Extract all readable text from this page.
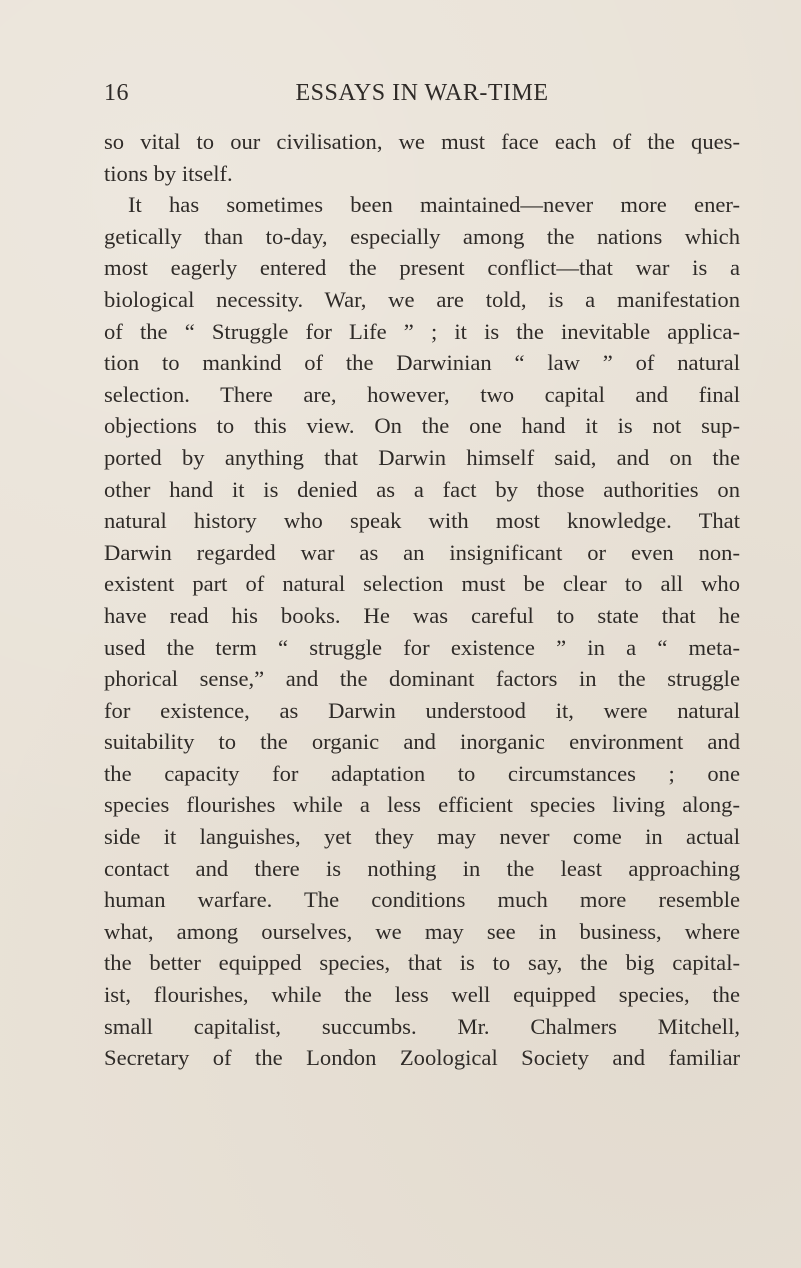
16	ESSAYS IN WAR-TIME
so vital to our civilisation, we must face each of the ques-
tions by itself.
It has sometimes been maintained—never more ener-
getically than to-day, especially among the nations which
most eagerly entered the present conflict—that war is a
biological necessity. War, we are told, is a manifestation
of the “ Struggle for Life ” ; it is the inevitable applica-
tion to mankind of the Darwinian “ law ” of natural
selection. There are, however, two capital and final
objections to this view. On the one hand it is not sup-
ported by anything that Darwin himself said, and on the
other hand it is denied as a fact by those authorities on
natural history who speak with most knowledge. That
Darwin regarded war as an insignificant or even non-
existent part of natural selection must be clear to all who
have read his books. He was careful to state that he
used the term “ struggle for existence ” in a “ meta-
phorical sense,” and the dominant factors in the struggle
for existence, as Darwin understood it, were natural
suitability to the organic and inorganic environment and
the capacity for adaptation to circumstances ; one
species flourishes while a less efficient species living along-
side it languishes, yet they may never come in actual
contact and there is nothing in the least approaching
human warfare. The conditions much more resemble
what, among ourselves, we may see in business, where
the better equipped species, that is to say, the big capital-
ist, flourishes, while the less well equipped species, the
small capitalist, succumbs. Mr. Chalmers Mitchell,
Secretary of the London Zoological Society and familiar
